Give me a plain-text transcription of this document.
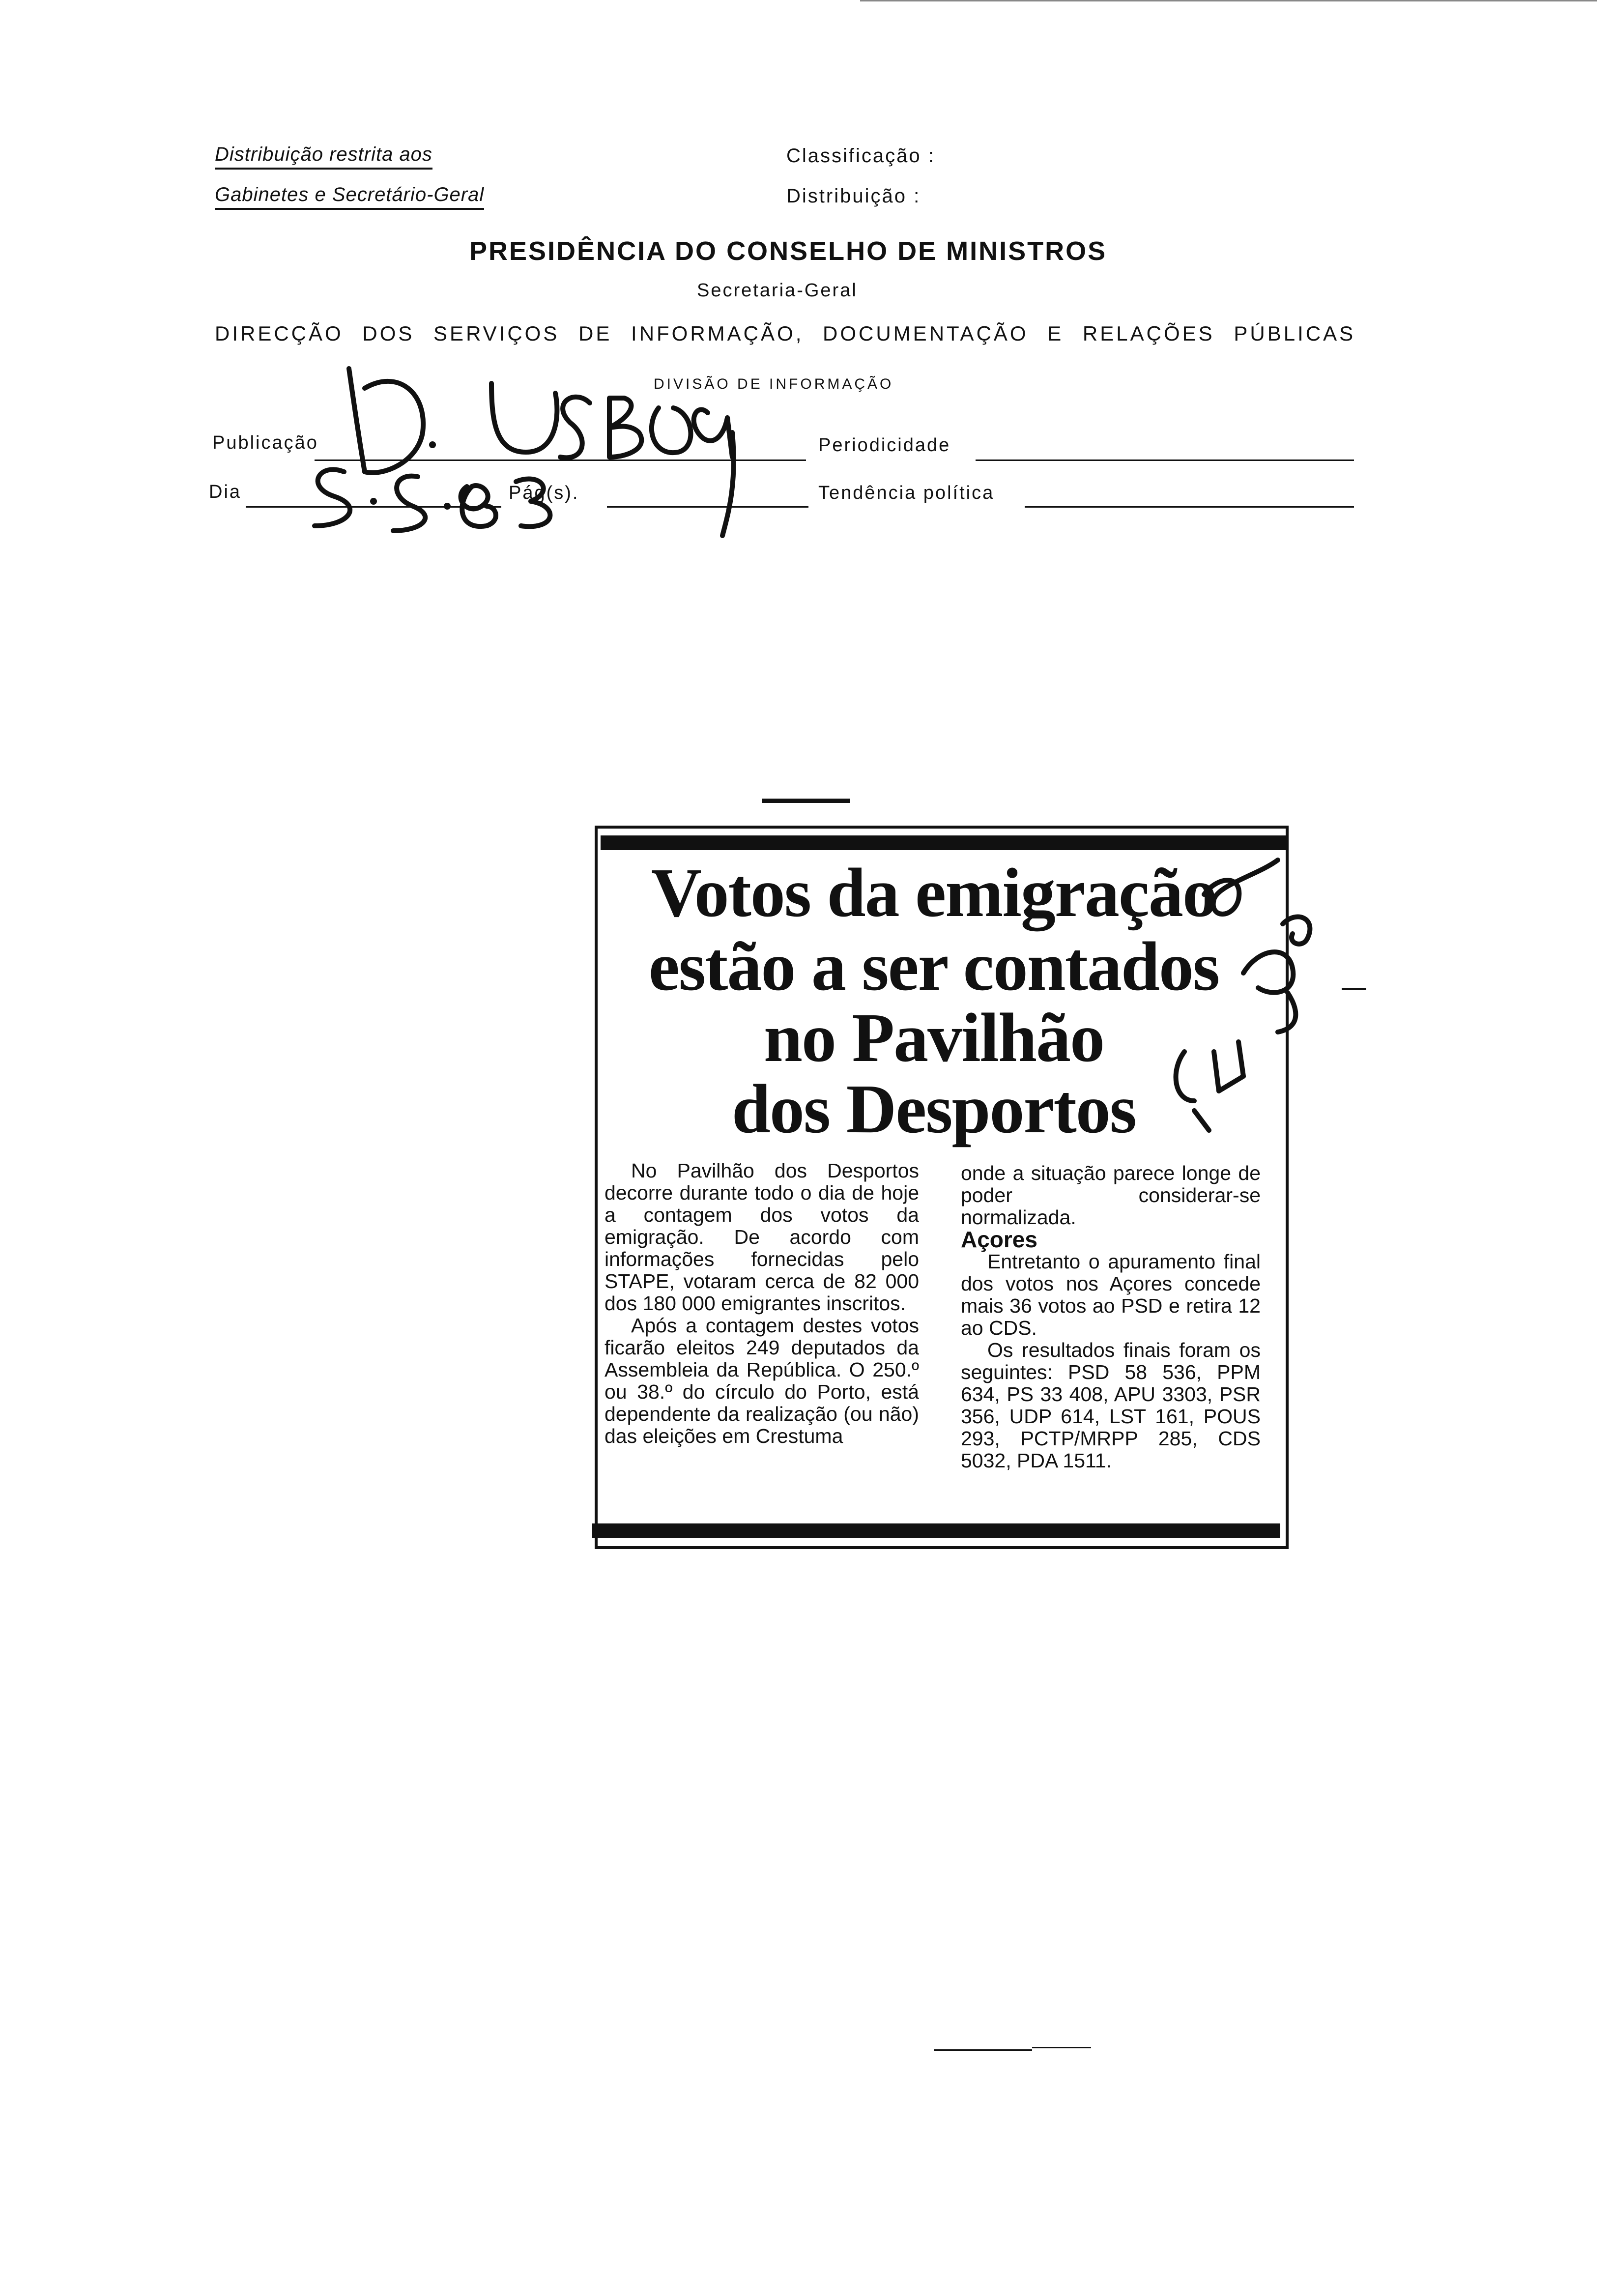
Distribuição restrita aos
Gabinetes e Secretário-Geral
Classificação :
Distribuição :
PRESIDÊNCIA DO CONSELHO DE MINISTROS
Secretaria-Geral
DIRECÇÃO DOS SERVIÇOS DE INFORMAÇÃO, DOCUMENTAÇÃO E RELAÇÕES PÚBLICAS
DIVISÃO DE INFORMAÇÃO
Publicação	Periodicidade
Dia	Pág(s).	Tendência política
Votos da emigração
estão a ser contados
no Pavilhão
dos Desportos

No Pavilhão dos Desportos decorre durante todo o dia de hoje a contagem dos votos da emigração. De acordo com informações fornecidas pelo STAPE, votaram cerca de 82 000 dos 180 000 emigrantes inscritos.

Após a contagem destes votos ficarão eleitos 249 deputados da Assembleia da República. O 250.º ou 38.º do círculo do Porto, está dependente da realização (ou não) das eleições em Crestuma

onde a situação parece longe de poder considerar-se normalizada.

Açores

Entretanto o apuramento final dos votos nos Açores concede mais 36 votos ao PSD e retira 12 ao CDS.

Os resultados finais foram os seguintes: PSD 58 536, PPM 634, PS 33 408, APU 3303, PSR 356, UDP 614, LST 161, POUS 293, PCTP/MRPP 285, CDS 5032, PDA 1511.
